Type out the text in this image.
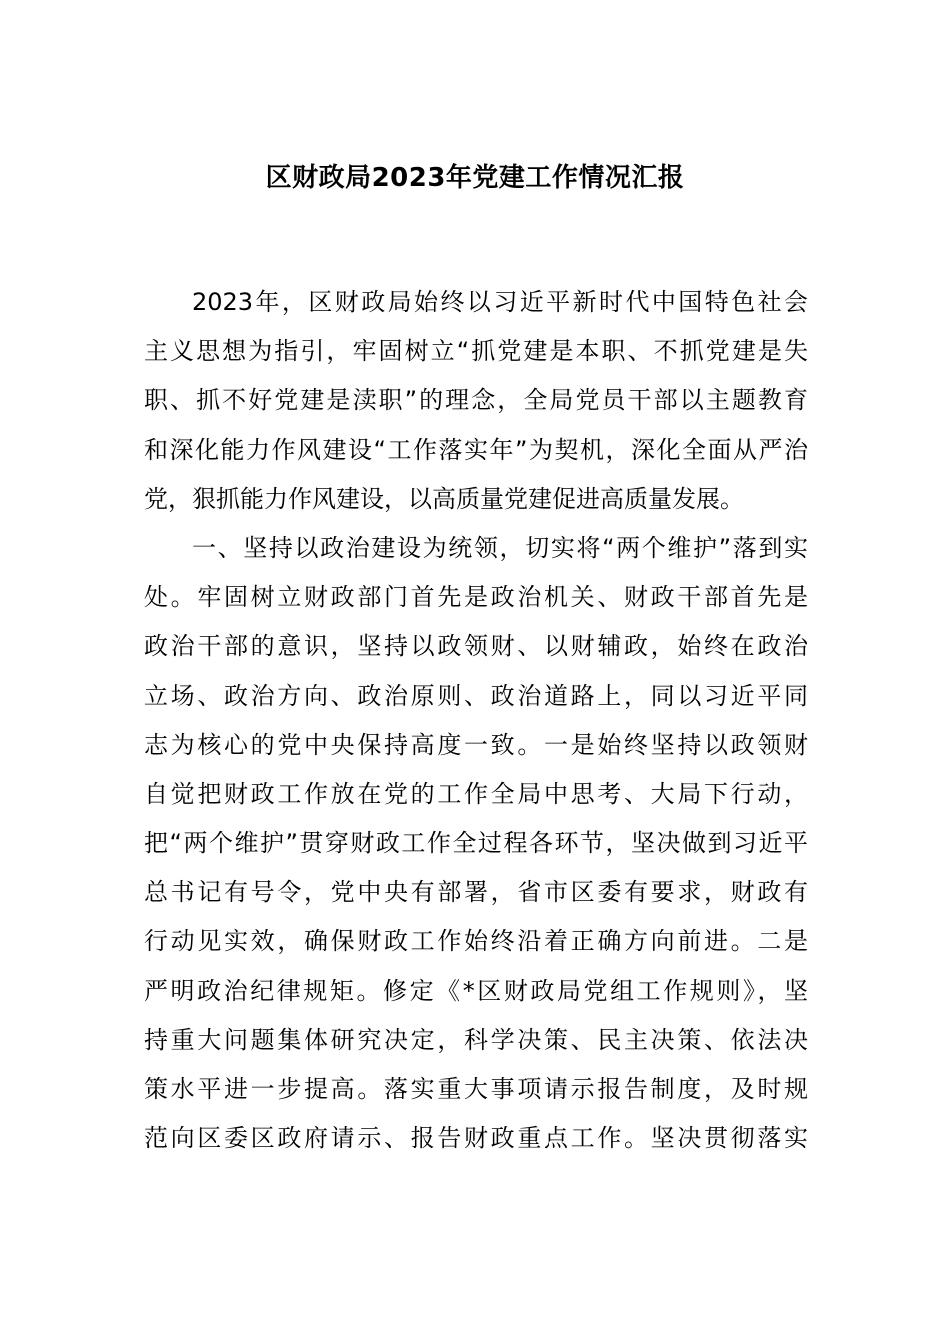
区财政局2023年党建工作情况汇报
2023年，区财政局始终以习近平新时代中国特色社会
主义思想为指引，牢固树立“抓党建是本职、不抓党建是失
职、抓不好党建是渎职”的理念，全局党员干部以主题教育
和深化能力作风建设“工作落实年”为契机，深化全面从严治
党，狠抓能力作风建设，以高质量党建促进高质量发展。
一、坚持以政治建设为统领，切实将“两个维护”落到实
处。牢固树立财政部门首先是政治机关、财政干部首先是
政治干部的意识，坚持以政领财、以财辅政，始终在政治
立场、政治方向、政治原则、政治道路上，同以习近平同
志为核心的党中央保持高度一致。一是始终坚持以政领财
自觉把财政工作放在党的工作全局中思考、大局下行动，
把“两个维护”贯穿财政工作全过程各环节，坚决做到习近平
总书记有号令，党中央有部署，省市区委有要求，财政有
行动见实效，确保财政工作始终沿着正确方向前进。二是
严明政治纪律规矩。修定《*区财政局党组工作规则》，坚
持重大问题集体研究决定，科学决策、民主决策、依法决
策水平进一步提高。落实重大事项请示报告制度，及时规
范向区委区政府请示、报告财政重点工作。坚决贯彻落实
